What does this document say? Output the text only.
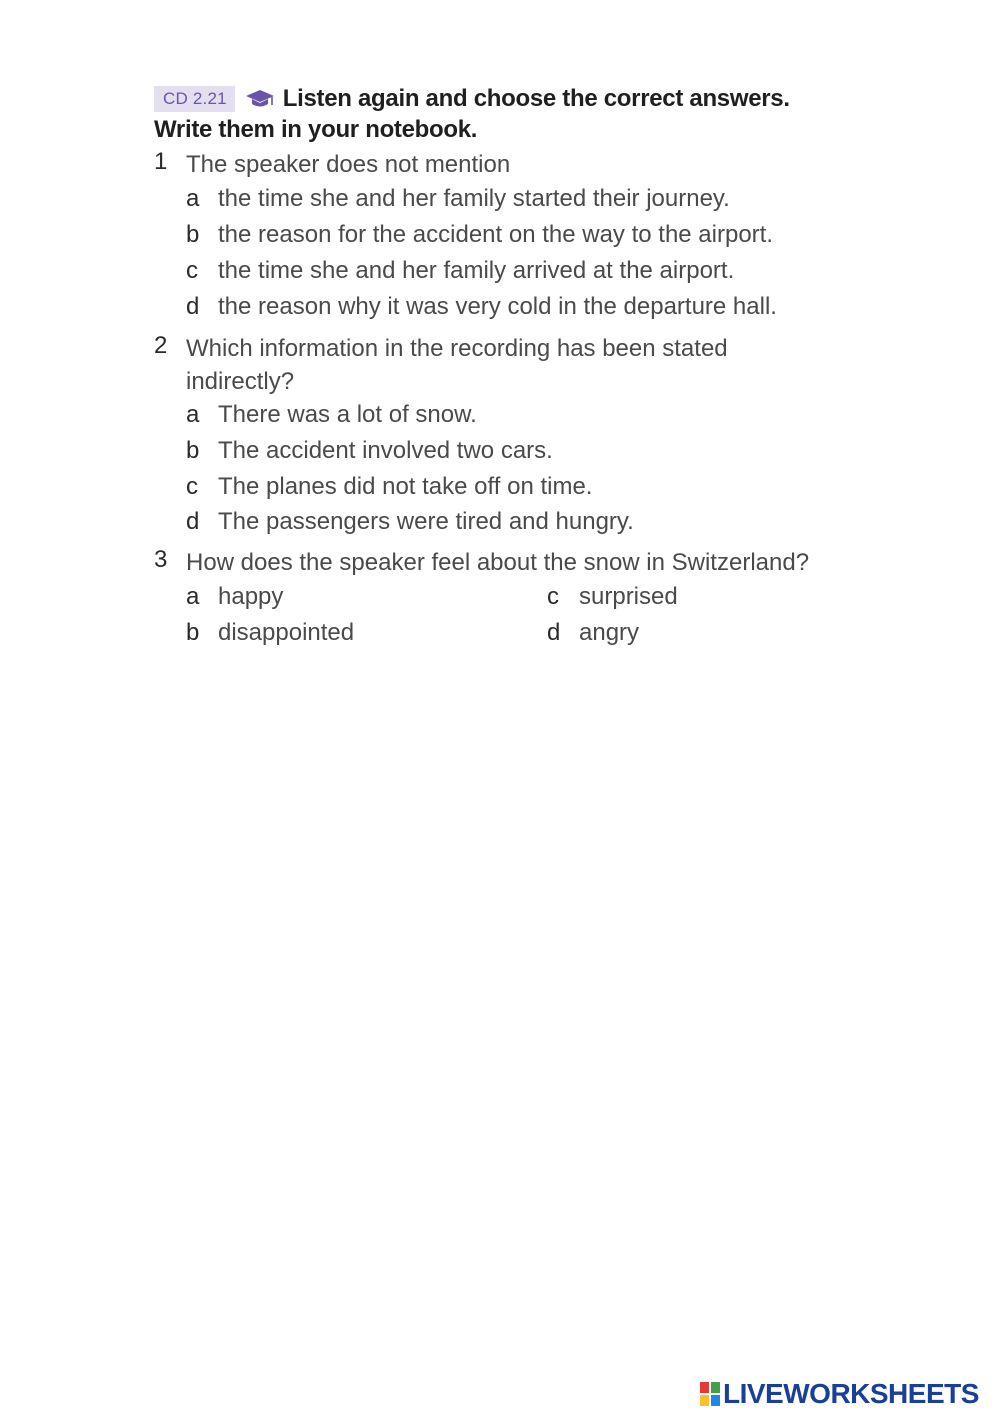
CD 2.21	Listen again and choose the correct answers.
Write them in your notebook.
1 The speaker does not mention
a the time she and her family started their journey.
b the reason for the accident on the way to the airport.
c the time she and her family arrived at the airport.
d the reason why it was very cold in the departure hall.
2 Which information in the recording has been stated
indirectly?
a There was a lot of snow.
b The accident involved two cars.
c The planes did not take off on time.
d The passengers were tired and hungry.
3 How does the speaker feel about the snow in Switzerland?
a happy
b disappointed
c surprised
d angry
LIVEWORKSHEETS
